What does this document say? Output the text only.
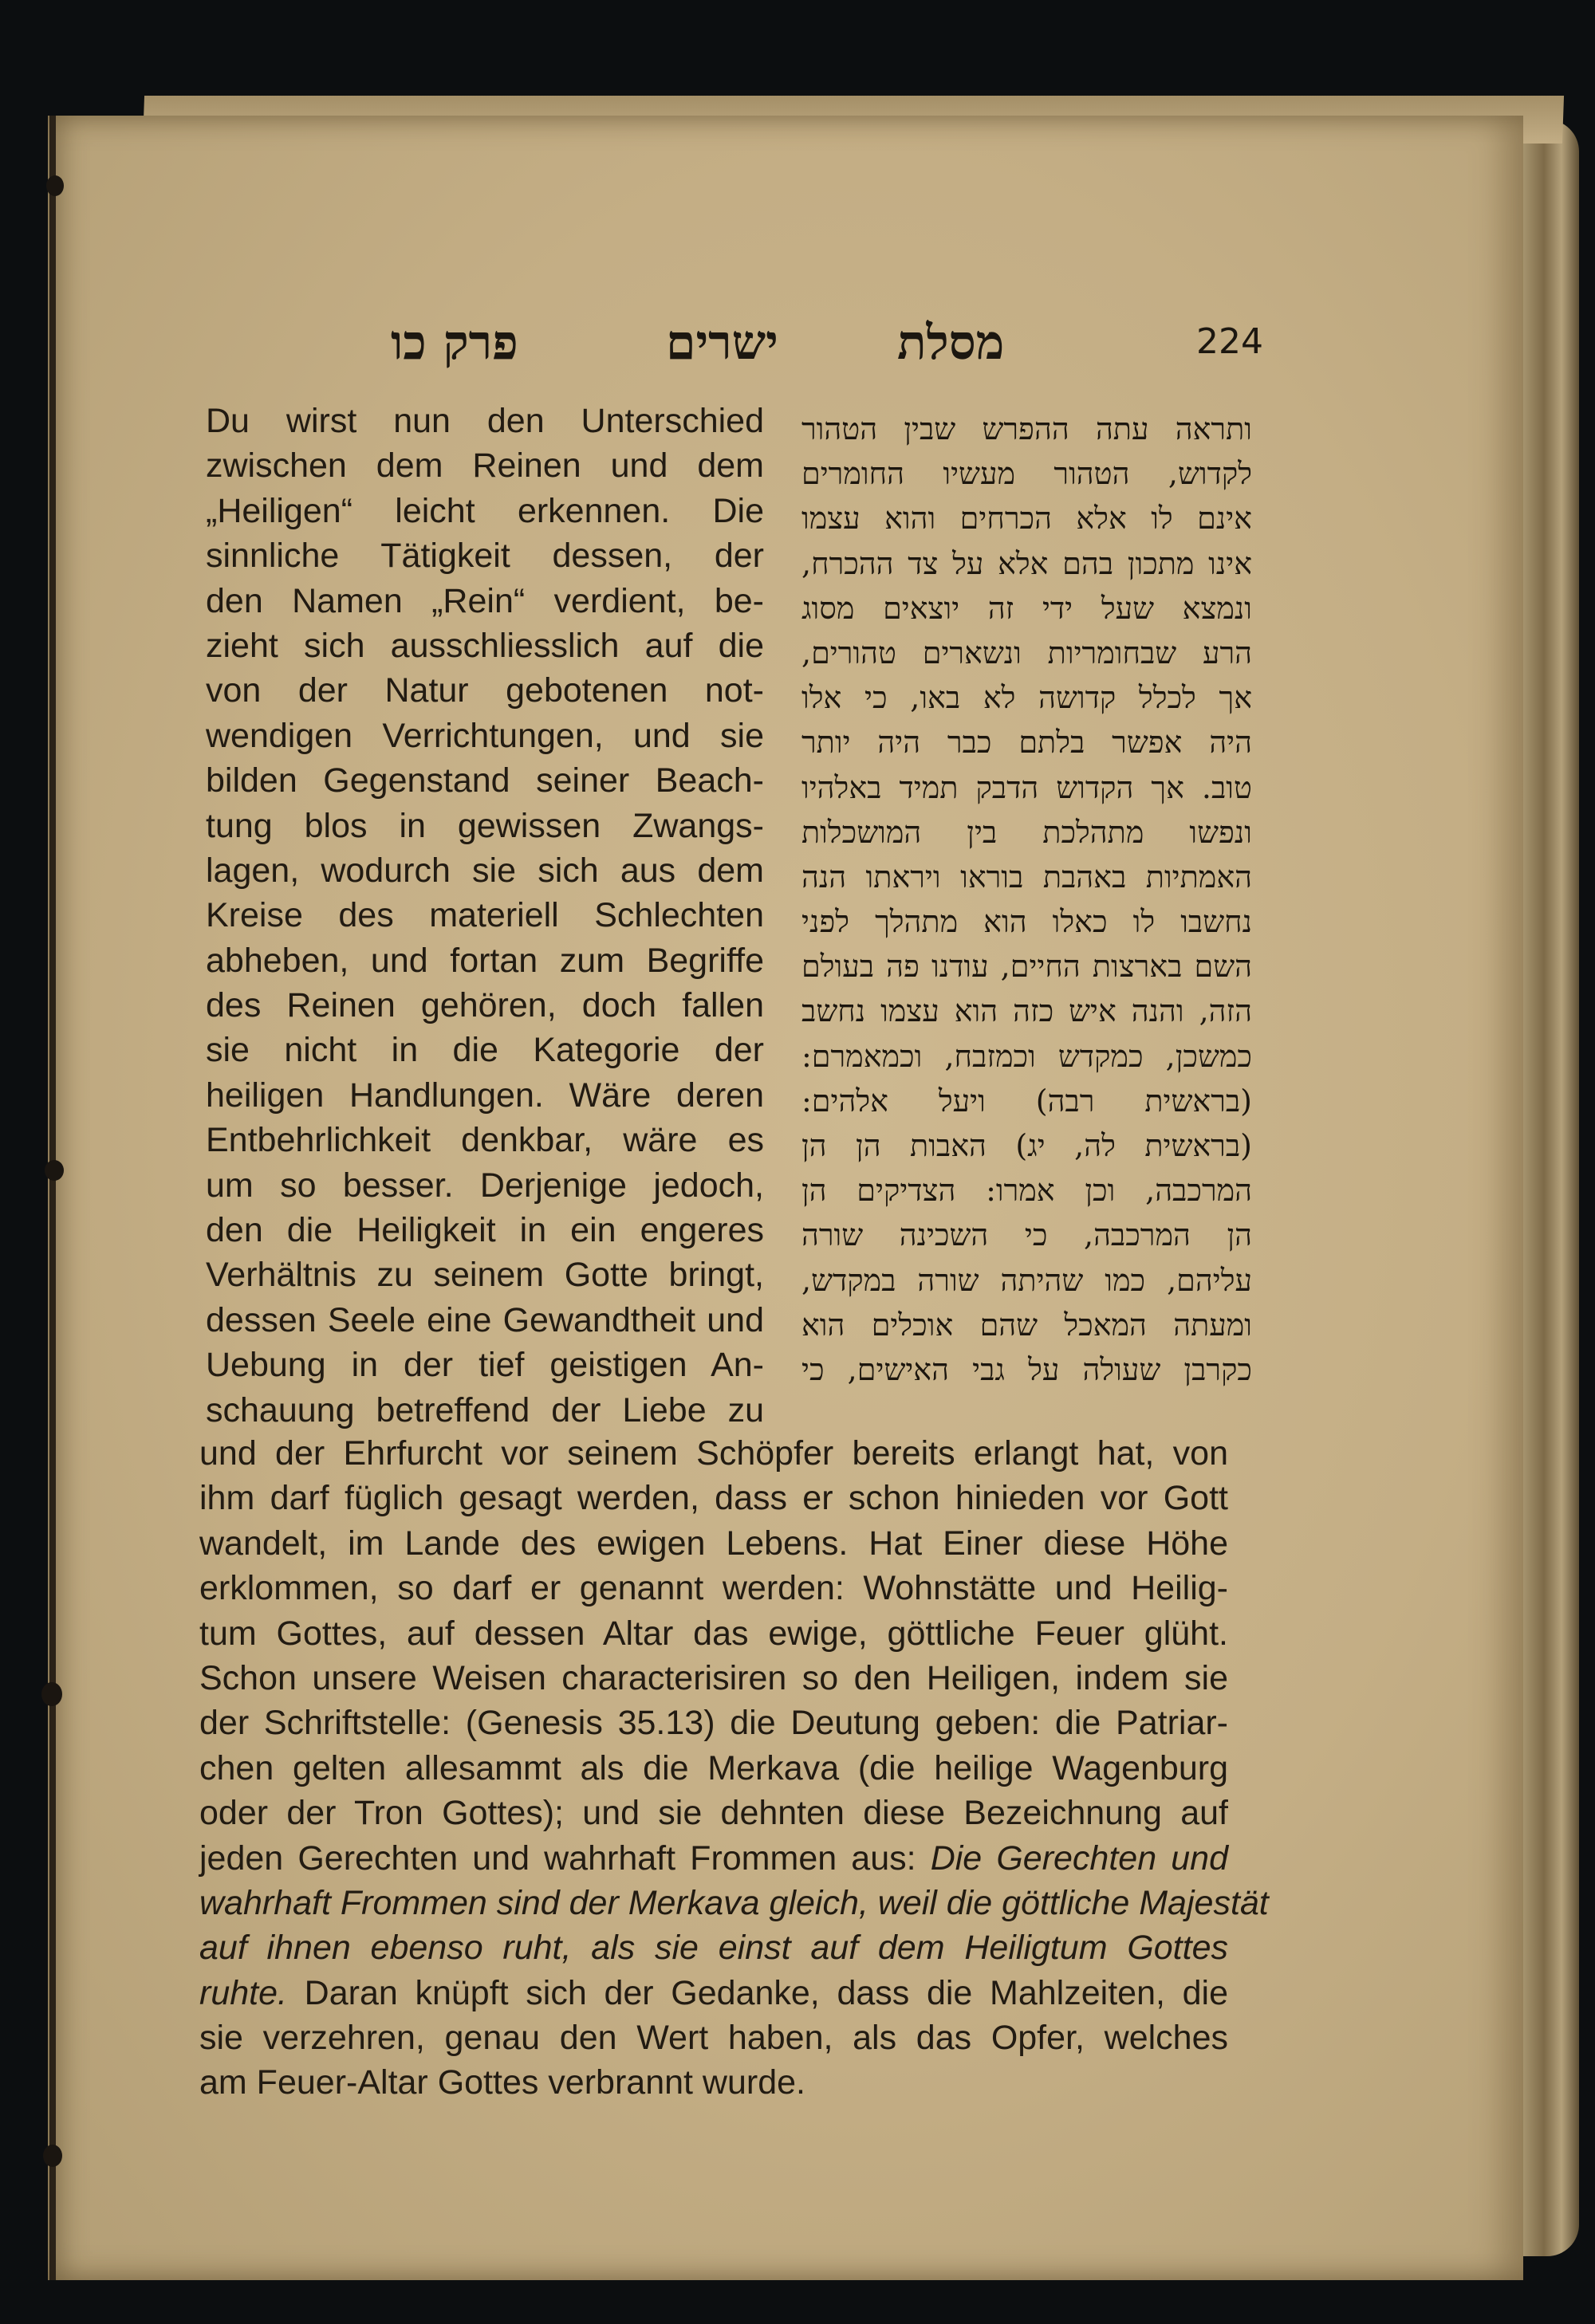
224
מסלת
ישרים
פרק כו
Du wirst nun den Unterschied
zwischen dem Reinen und dem
„Heiligen“ leicht erkennen. Die
sinnliche Tätigkeit dessen, der
den Namen „Rein“ verdient, be-
zieht sich ausschliesslich auf die
von der Natur gebotenen not-
wendigen Verrichtungen, und sie
bilden Gegenstand seiner Beach-
tung blos in gewissen Zwangs-
lagen, wodurch sie sich aus dem
Kreise des materiell Schlechten
abheben, und fortan zum Begriffe
des Reinen gehören, doch fallen
sie nicht in die Kategorie der
heiligen Handlungen. Wäre deren
Entbehrlichkeit denkbar, wäre es
um so besser. Derjenige jedoch,
den die Heiligkeit in ein engeres
Verhältnis zu seinem Gotte bringt,
dessen Seele eine Gewandtheit und
Uebung in der tief geistigen An-
schauung betreffend der Liebe zu
ותראה עתה ההפרש שבין הטהור
לקדוש, הטהור מעשיו החומרים
אינם לו אלא הכרחים והוא עצמו
אינו מתכון בהם אלא על צד ההכרח,
ונמצא שעל ידי זה יוצאים מסוג
הרע שבחומריות ונשארים טהורים,
אך לכלל קדושה לא באו, כי אלו
היה אפשר בלתם כבר היה יותר
טוב. אך הקדוש הדבק תמיד באלהיו
ונפשו מתהלכת בין המושכלות
האמתיות באהבת בוראו ויראתו הנה
נחשבו לו כאלו הוא מתהלך לפני
השם בארצות החיים, עודנו פה בעולם
הזה, והנה איש כזה הוא עצמו נחשב
כמשכן, כמקדש וכמזבח, וכמאמרם:
(בראשית רבה) ויעל אלהים:
(בראשית לה, יג) האבות הן הן
המרכבה, וכן אמרו: הצדיקים הן
הן המרכבה, כי השכינה שורה
עליהם, כמו שהיתה שורה במקדש,
ומעתה המאכל שהם אוכלים הוא
כקרבן שעולה על גבי האישים, כי
und der Ehrfurcht vor seinem Schöpfer bereits erlangt hat, von
ihm darf füglich gesagt werden, dass er schon hinieden vor Gott
wandelt, im Lande des ewigen Lebens. Hat Einer diese Höhe
erklommen, so darf er genannt werden: Wohnstätte und Heilig-
tum Gottes, auf dessen Altar das ewige, göttliche Feuer glüht.
Schon unsere Weisen characterisiren so den Heiligen, indem sie
der Schriftstelle: (Genesis 35.13) die Deutung geben: die Patriar-
chen gelten allesammt als die Merkava (die heilige Wagenburg
oder der Tron Gottes); und sie dehnten diese Bezeichnung auf
jeden Gerechten und wahrhaft Frommen aus: Die Gerechten und
wahrhaft Frommen sind der Merkava gleich, weil die göttliche Majestät
auf ihnen ebenso ruht, als sie einst auf dem Heiligtum Gottes
ruhte. Daran knüpft sich der Gedanke, dass die Mahlzeiten, die
sie verzehren, genau den Wert haben, als das Opfer, welches
am Feuer-Altar Gottes verbrannt wurde.
